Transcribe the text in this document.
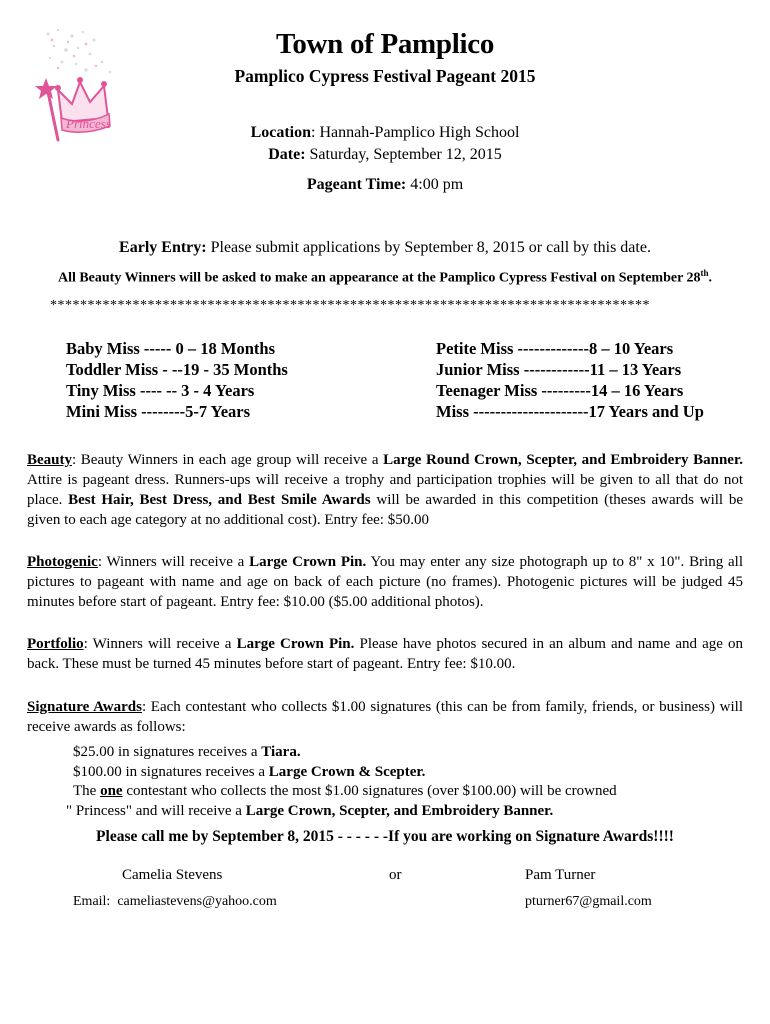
Princess
Town of Pamplico
Pamplico Cypress Festival Pageant 2015
Location: Hannah-Pamplico High School
Date: Saturday, September 12, 2015
Pageant Time: 4:00 pm
Early Entry: Please submit applications by September 8, 2015 or call by this date.
All Beauty Winners will be asked to make an appearance at the Pamplico Cypress Festival on September 28th.
********************************************************************************
Baby Miss ----- 0 – 18 Months
Toddler Miss - --19 - 35 Months
Tiny Miss ---- -- 3 - 4 Years
Mini Miss --------5-7 Years
Petite Miss -------------8 – 10 Years
Junior Miss ------------11 – 13 Years
Teenager Miss ---------14 – 16 Years
Miss ---------------------17 Years and Up
Beauty: Beauty Winners in each age group will receive a Large Round Crown, Scepter, and Embroidery Banner. Attire is pageant dress. Runners-ups will receive a trophy and participation trophies will be given to all that do not place. Best Hair, Best Dress, and Best Smile Awards will be awarded in this competition (theses awards will be given to each age category at no additional cost). Entry fee: $50.00
Photogenic: Winners will receive a Large Crown Pin. You may enter any size photograph up to 8" x 10". Bring all pictures to pageant with name and age on back of each picture (no frames). Photogenic pictures will be judged 45 minutes before start of pageant. Entry fee: $10.00 ($5.00 additional photos).
Portfolio: Winners will receive a Large Crown Pin. Please have photos secured in an album and name and age on back. These must be turned 45 minutes before start of pageant. Entry fee: $10.00.
Signature Awards: Each contestant who collects $1.00 signatures (this can be from family, friends, or business) will receive awards as follows:
$25.00 in signatures receives a Tiara.
$100.00 in signatures receives a Large Crown & Scepter.
The one contestant who collects the most $1.00 signatures (over $100.00) will be crowned
" Princess" and will receive a Large Crown, Scepter, and Embroidery Banner.
Please call me by September 8, 2015 - - - - - -If you are working on Signature Awards!!!!
Camelia Stevens	or	Pam Turner
Email: cameliastevens@yahoo.com	pturner67@gmail.com
